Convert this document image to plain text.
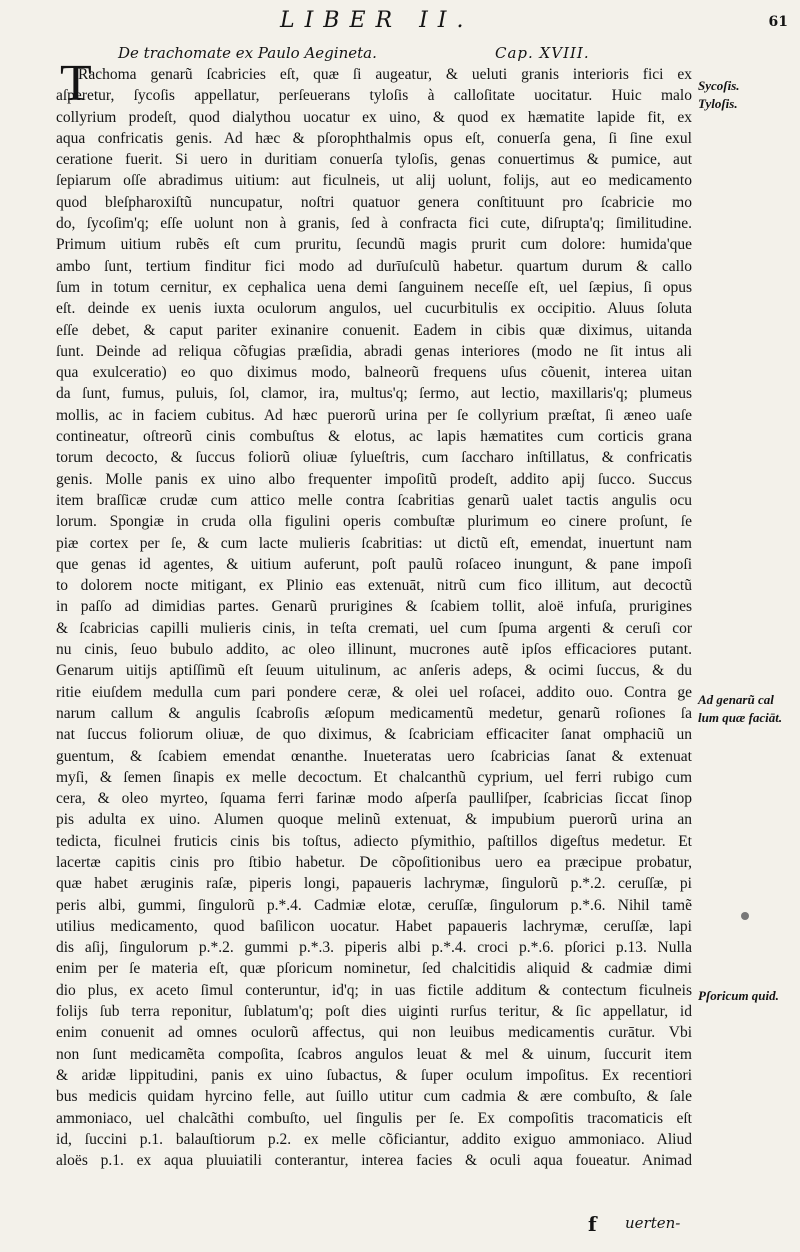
LIBER II.	61
De trachomate ex Paulo Aegineta.	Cap. XVIII.
T
Rachoma genarũ ſcabricies eſt, quæ ſi augeatur, & ueluti granis interioris fici ex
aſperetur, ſycoſis appellatur, perſeuerans tyloſis à calloſitate uocitatur. Huic malo
collyrium prodeſt, quod dialythou uocatur ex uino, & quod ex hæmatite lapide fit, ex
aqua confricatis genis. Ad hæc & pſorophthalmis opus eſt, conuerſa gena, ſi ſine exul
ceratione fuerit. Si uero in duritiam conuerſa tyloſis, genas conuertimus & pumice, aut
ſepiarum oſſe abradimus uitium: aut ficulneis, ut alij uolunt, folijs, aut eo medicamento
quod bleſpharoxiſtũ nuncupatur, noſtri quatuor genera conſtituunt pro ſcabricie mo
do, ſycoſim'q; eſſe uolunt non à granis, ſed à confracta fici cute, diſrupta'q; ſimilitudine.
Primum uitium rubẽs eſt cum pruritu, ſecundũ magis prurit cum dolore: humida'que
ambo ſunt, tertium finditur fici modo ad durīuſculũ habetur. quartum durum & callo
ſum in totum cernitur, ex cephalica uena demi ſanguinem neceſſe eſt, uel ſæpius, ſi opus
eſt. deinde ex uenis iuxta oculorum angulos, uel cucurbitulis ex occipitio. Aluus ſoluta
eſſe debet, & caput pariter exinanire conuenit. Eadem in cibis quæ diximus, uitanda
ſunt. Deinde ad reliqua cõfugias præſidia, abradi genas interiores (modo ne ſit intus ali
qua exulceratio) eo quo diximus modo, balneorũ frequens uſus cõuenit, interea uitan
da ſunt, fumus, puluis, ſol, clamor, ira, multus'q; ſermo, aut lectio, maxillaris'q; plumeus
mollis, ac in faciem cubitus. Ad hæc puerorũ urina per ſe collyrium præſtat, ſi æneo uaſe
contineatur, oſtreorũ cinis combuſtus & elotus, ac lapis hæmatites cum corticis grana
torum decocto, & ſuccus foliorũ oliuæ ſylueſtris, cum ſaccharo inſtillatus, & confricatis
genis. Molle panis ex uino albo frequenter impoſitũ prodeſt, addito apij ſucco. Succus
item braſſicæ crudæ cum attico melle contra ſcabritias genarũ ualet tactis angulis ocu
lorum. Spongiæ in cruda olla figulini operis combuſtæ plurimum eo cinere proſunt, ſe
piæ cortex per ſe, & cum lacte mulieris ſcabritias: ut dictũ eſt, emendat, inuertunt nam
que genas id agentes, & uitium auferunt, poſt paulũ roſaceo inungunt, & pane impoſi
to dolorem nocte mitigant, ex Plinio eas extenuāt, nitrũ cum fico illitum, aut decoctũ
in paſſo ad dimidias partes. Genarũ prurigines & ſcabiem tollit, aloë infuſa, prurigines
& ſcabricias capilli mulieris cinis, in teſta cremati, uel cum ſpuma argenti & ceruſi cor
nu cinis, ſeuo bubulo addito, ac oleo illinunt, mucrones autẽ ipſos efficaciores putant.
Genarum uitijs aptiſſimũ eſt ſeuum uitulinum, ac anſeris adeps, & ocimi ſuccus, & du
ritie eiuſdem medulla cum pari pondere ceræ, & olei uel roſacei, addito ouo. Contra ge
narum callum & angulis ſcabroſis æſopum medicamentũ medetur, genarũ roſiones ſa
nat ſuccus foliorum oliuæ, de quo diximus, & ſcabriciam efficaciter ſanat omphaciũ un
guentum, & ſcabiem emendat œnanthe. Inueteratas uero ſcabricias ſanat & extenuat
myſi, & ſemen ſinapis ex melle decoctum. Et chalcanthũ cyprium, uel ferri rubigo cum
cera, & oleo myrteo, ſquama ferri farinæ modo aſperſa paulliſper, ſcabricias ſiccat ſinop
pis adulta ex uino. Alumen quoque melinũ extenuat, & impubium puerorũ urina an
tedicta, ficulnei fruticis cinis bis toſtus, adiecto pſymithio, paſtillos digeſtus medetur. Et
lacertæ capitis cinis pro ſtibio habetur. De cõpoſitionibus uero ea præcipue probatur,
quæ habet æruginis raſæ, piperis longi, papaueris lachrymæ, ſingulorũ p.*.2. ceruſſæ, pi
peris albi, gummi, ſingulorũ p.*.4. Cadmiæ elotæ, ceruſſæ, ſingulorum p.*.6. Nihil tamẽ
utilius medicamento, quod baſilicon uocatur. Habet papaueris lachrymæ, ceruſſæ, lapi
dis aſij, ſingulorum p.*.2. gummi p.*.3. piperis albi p.*.4. croci p.*.6. pſorici p.13. Nulla
enim per ſe materia eſt, quæ pſoricum nominetur, ſed chalcitidis aliquid & cadmiæ dimi
dio plus, ex aceto ſimul conteruntur, id'q; in uas fictile additum & contectum ficulneis
folijs ſub terra reponitur, ſublatum'q; poſt dies uiginti rurſus teritur, & ſic appellatur, id
enim conuenit ad omnes oculorũ affectus, qui non leuibus medicamentis curātur. Vbi
non ſunt medicamẽta compoſita, ſcabros angulos leuat & mel & uinum, ſuccurit item
& aridæ lippitudini, panis ex uino ſubactus, & ſuper oculum impoſitus. Ex recentiori
bus medicis quidam hyrcino felle, aut ſuillo utitur cum cadmia & ære combuſto, & ſale
ammoniaco, uel chalcãthi combuſto, uel ſingulis per ſe. Ex compoſitis tracomaticis eſt
id, ſuccini p.1. balauſtiorum p.2. ex melle cõficiantur, addito exiguo ammoniaco. Aliud
aloës p.1. ex aqua pluuiatili conterantur, interea facies & oculi aqua foueatur. Animad
Sycoſis.
Tyloſis.
Ad genarũ cal
lum quæ faciāt.
Pſoricum quid.
f uerten-
